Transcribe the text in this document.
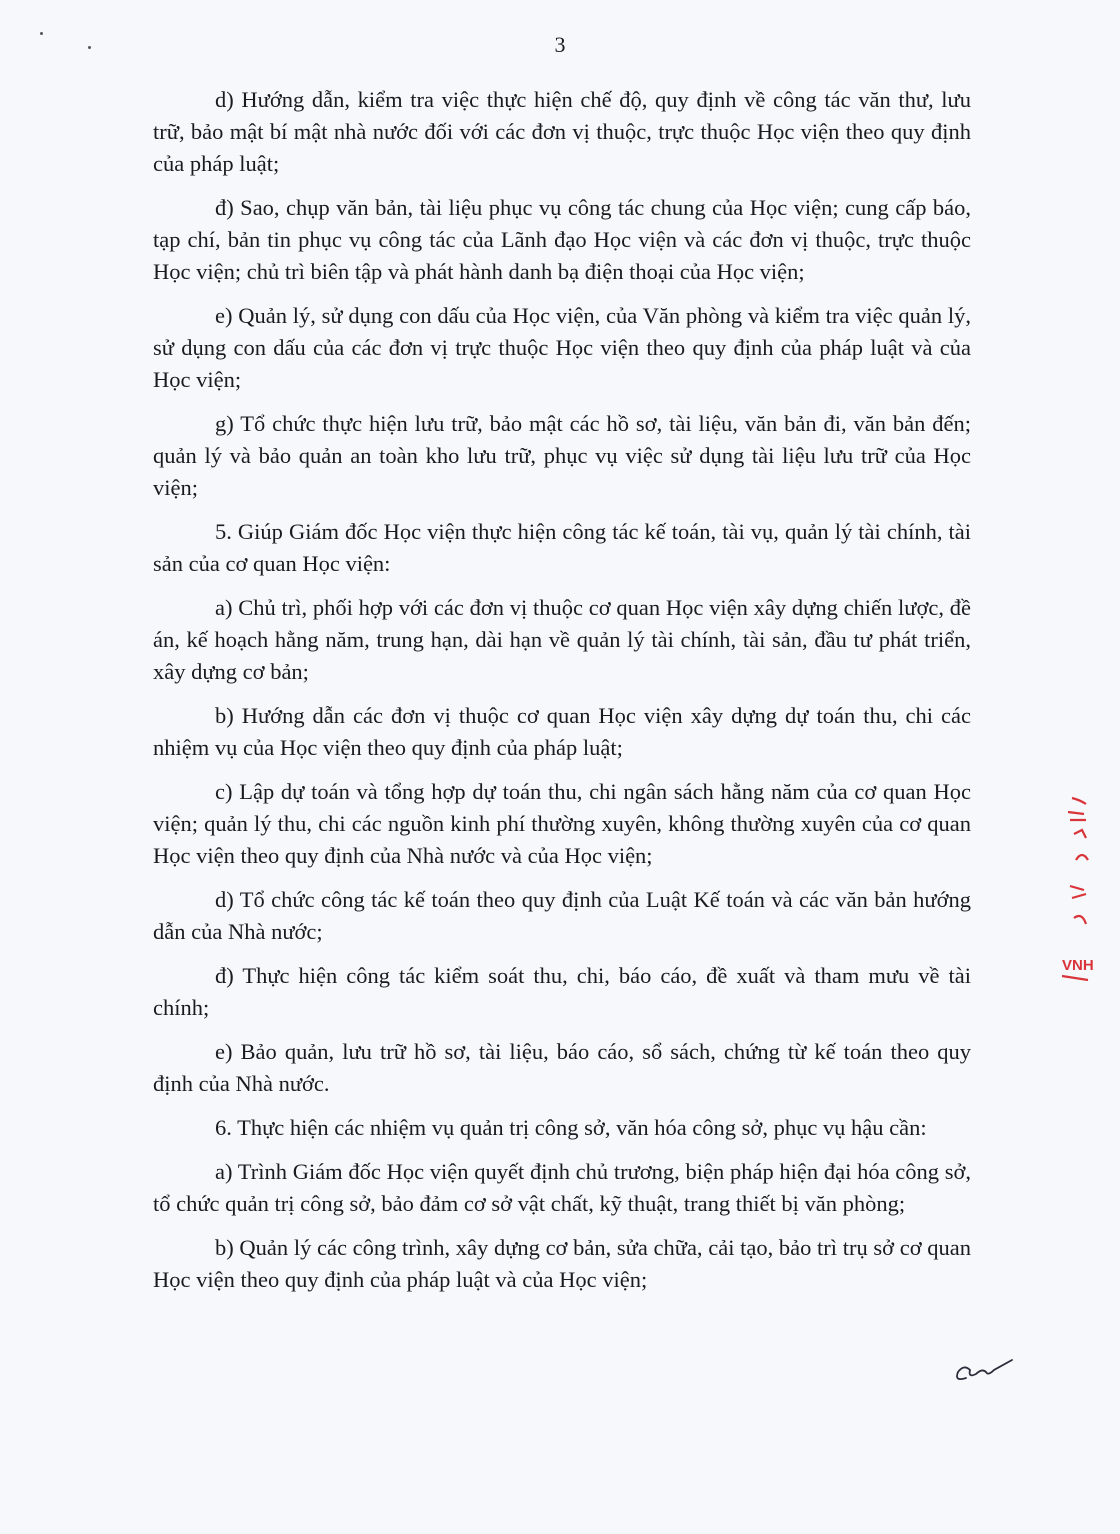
3

d) Hướng dẫn, kiểm tra việc thực hiện chế độ, quy định về công tác văn thư, lưu trữ, bảo mật bí mật nhà nước đối với các đơn vị thuộc, trực thuộc Học viện theo quy định của pháp luật;

đ) Sao, chụp văn bản, tài liệu phục vụ công tác chung của Học viện; cung cấp báo, tạp chí, bản tin phục vụ công tác của Lãnh đạo Học viện và các đơn vị thuộc, trực thuộc Học viện; chủ trì biên tập và phát hành danh bạ điện thoại của Học viện;

e) Quản lý, sử dụng con dấu của Học viện, của Văn phòng và kiểm tra việc quản lý, sử dụng con dấu của các đơn vị trực thuộc Học viện theo quy định của pháp luật và của Học viện;

g) Tổ chức thực hiện lưu trữ, bảo mật các hồ sơ, tài liệu, văn bản đi, văn bản đến; quản lý và bảo quản an toàn kho lưu trữ, phục vụ việc sử dụng tài liệu lưu trữ của Học viện;

5. Giúp Giám đốc Học viện thực hiện công tác kế toán, tài vụ, quản lý tài chính, tài sản của cơ quan Học viện:

a) Chủ trì, phối hợp với các đơn vị thuộc cơ quan Học viện xây dựng chiến lược, đề án, kế hoạch hằng năm, trung hạn, dài hạn về quản lý tài chính, tài sản, đầu tư phát triển, xây dựng cơ bản;

b) Hướng dẫn các đơn vị thuộc cơ quan Học viện xây dựng dự toán thu, chi các nhiệm vụ của Học viện theo quy định của pháp luật;

c) Lập dự toán và tổng hợp dự toán thu, chi ngân sách hằng năm của cơ quan Học viện; quản lý thu, chi các nguồn kinh phí thường xuyên, không thường xuyên của cơ quan Học viện theo quy định của Nhà nước và của Học viện;

d) Tổ chức công tác kế toán theo quy định của Luật Kế toán và các văn bản hướng dẫn của Nhà nước;

đ) Thực hiện công tác kiểm soát thu, chi, báo cáo, đề xuất và tham mưu về tài chính;

e) Bảo quản, lưu trữ hồ sơ, tài liệu, báo cáo, sổ sách, chứng từ kế toán theo quy định của Nhà nước.

6. Thực hiện các nhiệm vụ quản trị công sở, văn hóa công sở, phục vụ hậu cần:

a) Trình Giám đốc Học viện quyết định chủ trương, biện pháp hiện đại hóa công sở, tổ chức quản trị công sở, bảo đảm cơ sở vật chất, kỹ thuật, trang thiết bị văn phòng;

b) Quản lý các công trình, xây dựng cơ bản, sửa chữa, cải tạo, bảo trì trụ sở cơ quan Học viện theo quy định của pháp luật và của Học viện;

VNH
